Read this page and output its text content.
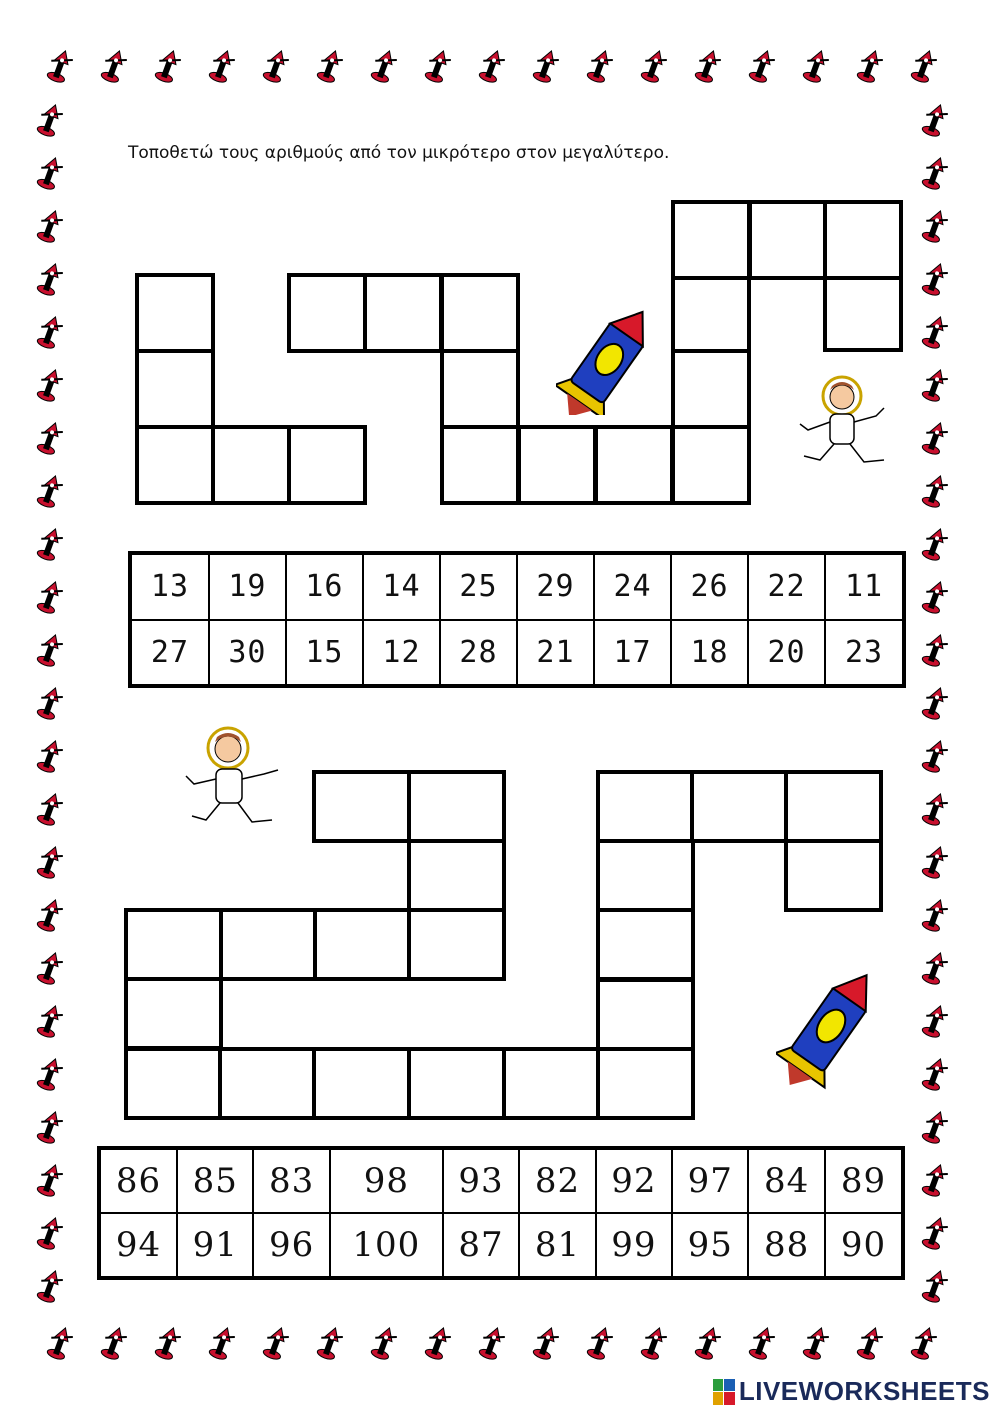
Τοποθετώ τους αριθμούς από τον μικρότερο στον μεγαλύτερο.
13	19	16	14	25	29	24	26	22	11
27	30	15	12	28	21	17	18	20	23
86	85	83	98	93	82	92	97	84	89
94	91	96	100	87	81	99	95	88	90
LIVEWORKSHEETS
